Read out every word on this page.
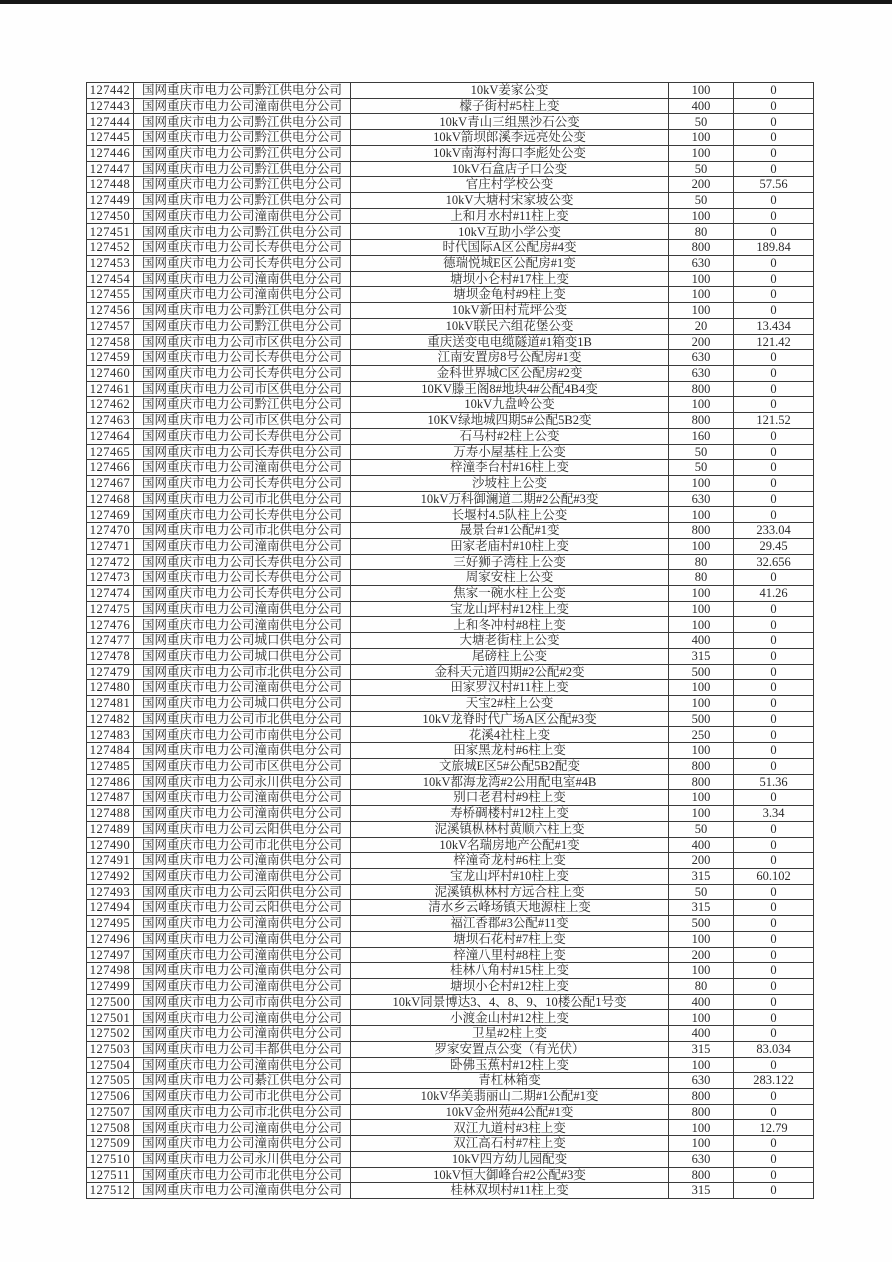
127442	国网重庆市电力公司黔江供电分公司	10kV姜家公变	100	0
127443	国网重庆市电力公司潼南供电分公司	檬子街村#5柱上变	400	0
127444	国网重庆市电力公司黔江供电分公司	10kV青山三组黑沙石公变	50	0
127445	国网重庆市电力公司黔江供电分公司	10kV箭坝郎溪李远亮处公变	100	0
127446	国网重庆市电力公司黔江供电分公司	10kV南海村海口李彪处公变	100	0
127447	国网重庆市电力公司黔江供电分公司	10kV石盒店子口公变	50	0
127448	国网重庆市电力公司黔江供电分公司	官庄村学校公变	200	57.56
127449	国网重庆市电力公司黔江供电分公司	10kV大塘村宋家坡公变	50	0
127450	国网重庆市电力公司潼南供电分公司	上和月水村#11柱上变	100	0
127451	国网重庆市电力公司黔江供电分公司	10kV互助小学公变	80	0
127452	国网重庆市电力公司长寿供电分公司	时代国际A区公配房#4变	800	189.84
127453	国网重庆市电力公司长寿供电分公司	德瑞悦城E区公配房#1变	630	0
127454	国网重庆市电力公司潼南供电分公司	塘坝小仑村#17柱上变	100	0
127455	国网重庆市电力公司潼南供电分公司	塘坝金龟村#9柱上变	100	0
127456	国网重庆市电力公司黔江供电分公司	10kV新田村荒坪公变	100	0
127457	国网重庆市电力公司黔江供电分公司	10kV联民六组花堡公变	20	13.434
127458	国网重庆市电力公司市区供电分公司	重庆送变电电缆隧道#1箱变1B	200	121.42
127459	国网重庆市电力公司长寿供电分公司	江南安置房8号公配房#1变	630	0
127460	国网重庆市电力公司长寿供电分公司	金科世界城C区公配房#2变	630	0
127461	国网重庆市电力公司市区供电分公司	10KV滕王阁8#地块4#公配4B4变	800	0
127462	国网重庆市电力公司黔江供电分公司	10kV九盘岭公变	100	0
127463	国网重庆市电力公司市区供电分公司	10KV绿地城四期5#公配5B2变	800	121.52
127464	国网重庆市电力公司长寿供电分公司	石马村#2柱上公变	160	0
127465	国网重庆市电力公司长寿供电分公司	万寿小屋基柱上公变	50	0
127466	国网重庆市电力公司潼南供电分公司	梓潼李台村#16柱上变	50	0
127467	国网重庆市电力公司长寿供电分公司	沙坡柱上公变	100	0
127468	国网重庆市电力公司市北供电分公司	10kV万科御澜道二期#2公配#3变	630	0
127469	国网重庆市电力公司长寿供电分公司	长堰村4.5队柱上公变	100	0
127470	国网重庆市电力公司市北供电分公司	晟景台#1公配#1变	800	233.04
127471	国网重庆市电力公司潼南供电分公司	田家老庙村#10柱上变	100	29.45
127472	国网重庆市电力公司长寿供电分公司	三好狮子湾柱上公变	80	32.656
127473	国网重庆市电力公司长寿供电分公司	周家安柱上公变	80	0
127474	国网重庆市电力公司长寿供电分公司	焦家一碗水柱上公变	100	41.26
127475	国网重庆市电力公司潼南供电分公司	宝龙山坪村#12柱上变	100	0
127476	国网重庆市电力公司潼南供电分公司	上和冬冲村#8柱上变	100	0
127477	国网重庆市电力公司城口供电分公司	大塘老街柱上公变	400	0
127478	国网重庆市电力公司城口供电分公司	尾磅柱上公变	315	0
127479	国网重庆市电力公司市北供电分公司	金科天元道四期#2公配#2变	500	0
127480	国网重庆市电力公司潼南供电分公司	田家罗汉村#11柱上变	100	0
127481	国网重庆市电力公司城口供电分公司	天宝2#柱上公变	100	0
127482	国网重庆市电力公司市北供电分公司	10kV龙脊时代广场A区公配#3变	500	0
127483	国网重庆市电力公司市南供电分公司	花溪4社柱上变	250	0
127484	国网重庆市电力公司潼南供电分公司	田家黑龙村#6柱上变	100	0
127485	国网重庆市电力公司市区供电分公司	文旅城E区5#公配5B2配变	800	0
127486	国网重庆市电力公司永川供电分公司	10kV都海龙湾#2公用配电室#4B	800	51.36
127487	国网重庆市电力公司潼南供电分公司	别口老君村#9柱上变	100	0
127488	国网重庆市电力公司潼南供电分公司	寿桥碉楼村#12柱上变	100	3.34
127489	国网重庆市电力公司云阳供电分公司	泥溪镇枞林村黄顺六柱上变	50	0
127490	国网重庆市电力公司市北供电分公司	10kV名瑞房地产公配#1变	400	0
127491	国网重庆市电力公司潼南供电分公司	梓潼奇龙村#6柱上变	200	0
127492	国网重庆市电力公司潼南供电分公司	宝龙山坪村#10柱上变	315	60.102
127493	国网重庆市电力公司云阳供电分公司	泥溪镇枞林村方远合柱上变	50	0
127494	国网重庆市电力公司云阳供电分公司	清水乡云峰场镇天地源柱上变	315	0
127495	国网重庆市电力公司潼南供电分公司	福江香郡#3公配#11变	500	0
127496	国网重庆市电力公司潼南供电分公司	塘坝石花村#7柱上变	100	0
127497	国网重庆市电力公司潼南供电分公司	梓潼八里村#8柱上变	200	0
127498	国网重庆市电力公司潼南供电分公司	桂林八角村#15柱上变	100	0
127499	国网重庆市电力公司潼南供电分公司	塘坝小仑村#12柱上变	80	0
127500	国网重庆市电力公司市南供电分公司	10kV同景博达3、4、8、9、10楼公配1号变	400	0
127501	国网重庆市电力公司潼南供电分公司	小渡金山村#12柱上变	100	0
127502	国网重庆市电力公司潼南供电分公司	卫星#2柱上变	400	0
127503	国网重庆市电力公司丰都供电分公司	罗家安置点公变（有光伏）	315	83.034
127504	国网重庆市电力公司潼南供电分公司	卧佛玉蕉村#12柱上变	100	0
127505	国网重庆市电力公司綦江供电分公司	青杠林箱变	630	283.122
127506	国网重庆市电力公司市北供电分公司	10kV华美翡丽山二期#1公配#1变	800	0
127507	国网重庆市电力公司市北供电分公司	10kV金州苑#4公配#1变	800	0
127508	国网重庆市电力公司潼南供电分公司	双江九道村#3柱上变	100	12.79
127509	国网重庆市电力公司潼南供电分公司	双江高石村#7柱上变	100	0
127510	国网重庆市电力公司永川供电分公司	10kV四方幼儿园配变	630	0
127511	国网重庆市电力公司市北供电分公司	10kV恒大御峰台#2公配#3变	800	0
127512	国网重庆市电力公司潼南供电分公司	桂林双坝村#11柱上变	315	0
